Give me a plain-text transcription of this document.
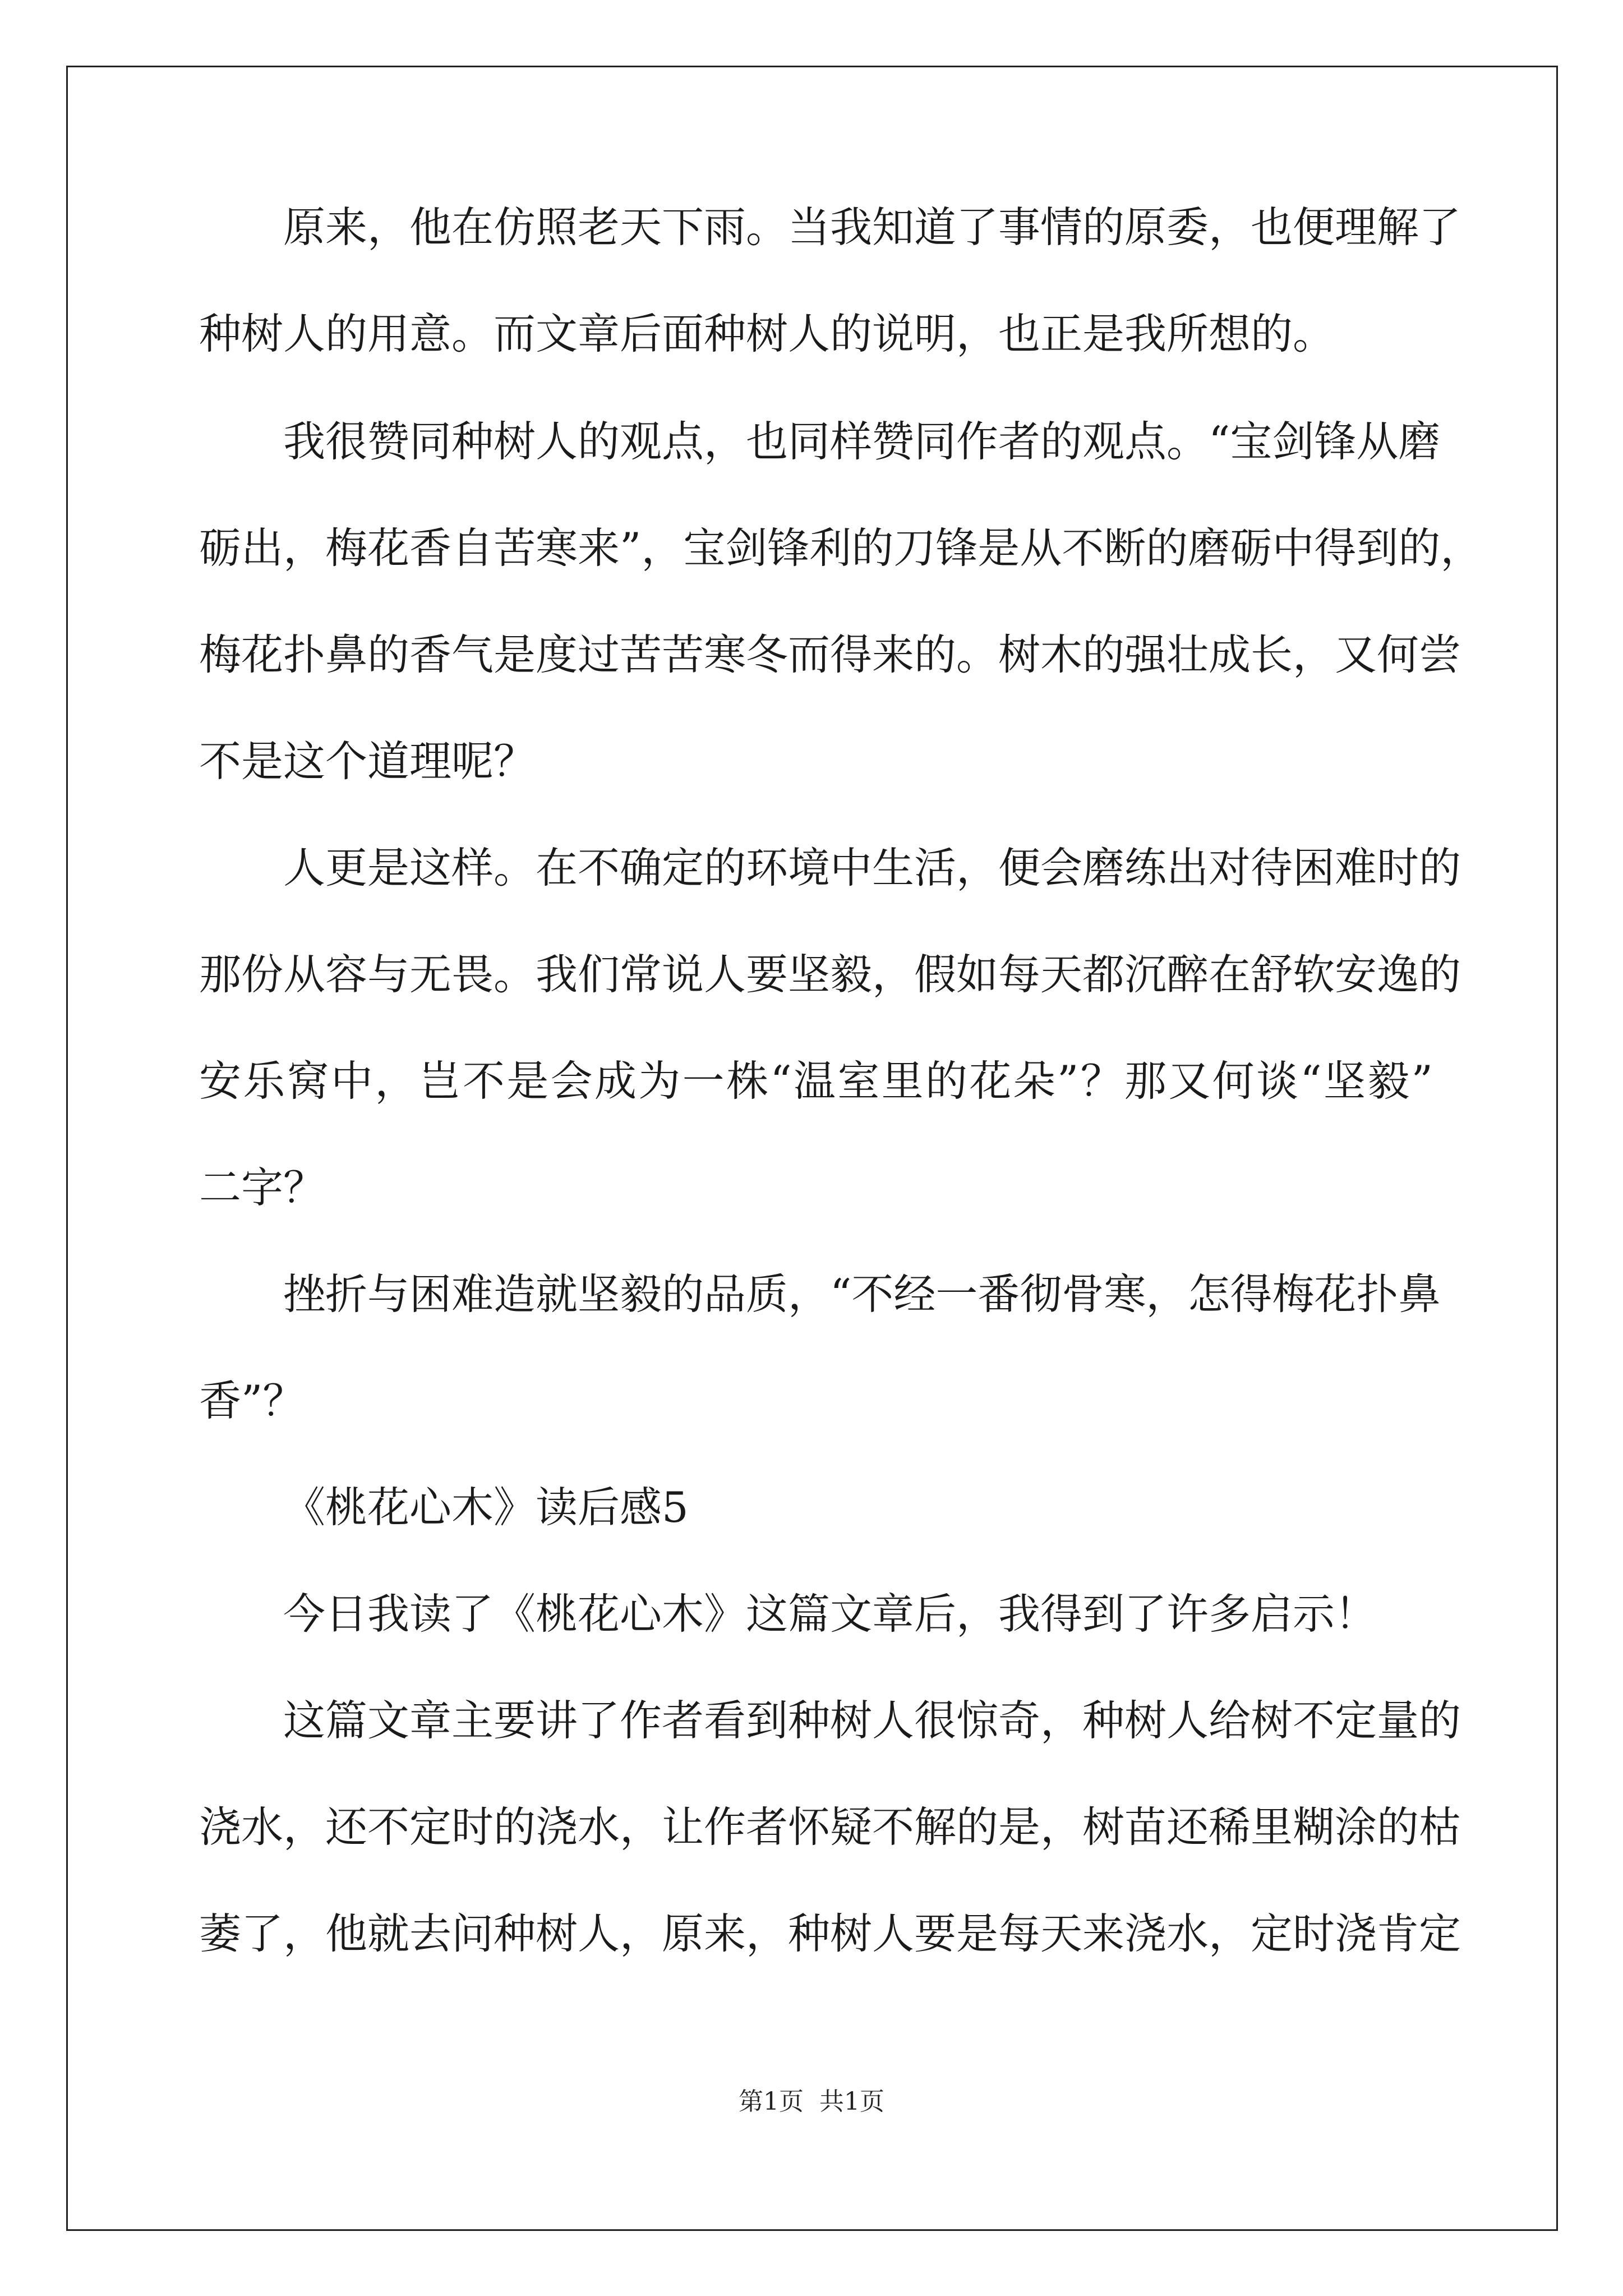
原来，他在仿照老天下雨。当我知道了事情的原委，也便理解了
种树人的用意。而文章后面种树人的说明，也正是我所想的。
我很赞同种树人的观点，也同样赞同作者的观点。“宝剑锋从磨
砺出，梅花香自苦寒来”，宝剑锋利的刀锋是从不断的磨砺中得到的，
梅花扑鼻的香气是度过苦苦寒冬而得来的。树木的强壮成长，又何尝
不是这个道理呢？
人更是这样。在不确定的环境中生活，便会磨练出对待困难时的
那份从容与无畏。我们常说人要坚毅，假如每天都沉醉在舒软安逸的
安乐窝中，岂不是会成为一株“温室里的花朵”？那又何谈“坚毅”
二字？
挫折与困难造就坚毅的品质，“不经一番彻骨寒，怎得梅花扑鼻
香”？
《桃花心木》读后感5
今日我读了《桃花心木》这篇文章后，我得到了许多启示！
这篇文章主要讲了作者看到种树人很惊奇，种树人给树不定量的
浇水，还不定时的浇水，让作者怀疑不解的是，树苗还稀里糊涂的枯
萎了，他就去问种树人，原来，种树人要是每天来浇水，定时浇肯定
第1页 共1页
